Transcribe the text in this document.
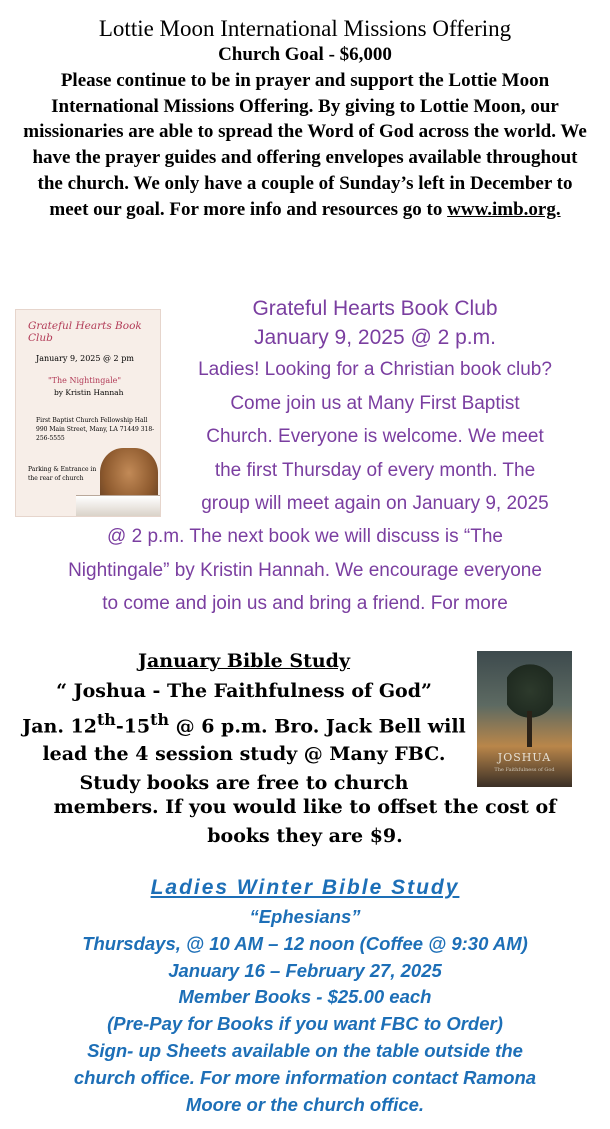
Lottie Moon International Missions Offering
Church Goal - $6,000
Please continue to be in prayer and support the Lottie Moon International Missions Offering. By giving to Lottie Moon, our missionaries are able to spread the Word of God across the world. We have the prayer guides and offering envelopes available throughout the church. We only have a couple of Sunday’s left in December to meet our goal. For more info and resources go to www.imb.org.
Grateful Hearts Book Club
January 9, 2025 @ 2 pm
"The Nightingale"
by Kristin Hannah
First Baptist Church Fellowship Hall 990 Main Street, Many, LA 71449 318-256-5555
Parking & Entrance in the rear of church
Grateful Hearts Book Club
January 9, 2025 @ 2 p.m.
Ladies! Looking for a Christian book club?
Come join us at Many First Baptist
Church. Everyone is welcome. We meet
the first Thursday of every month. The
group will meet again on January 9, 2025
@ 2 p.m. The next book we will discuss is “The
Nightingale” by Kristin Hannah. We encourage everyone
to come and join us and bring a friend. For more
JOSHUA
The Faithfulness of God
January Bible Study
“ Joshua - The Faithfulness of God”
Jan. 12th-15th @ 6 p.m. Bro. Jack Bell will
lead the 4 session study @ Many FBC.
Study books are free to church
members. If you would like to offset the cost of
books they are $9.
Ladies Winter Bible Study
“Ephesians”
Thursdays, @ 10 AM – 12 noon (Coffee @ 9:30 AM)
January 16 – February 27, 2025
Member Books - $25.00 each
(Pre-Pay for Books if you want FBC to Order)
Sign- up Sheets available on the table outside the
church office. For more information contact Ramona
Moore or the church office.
